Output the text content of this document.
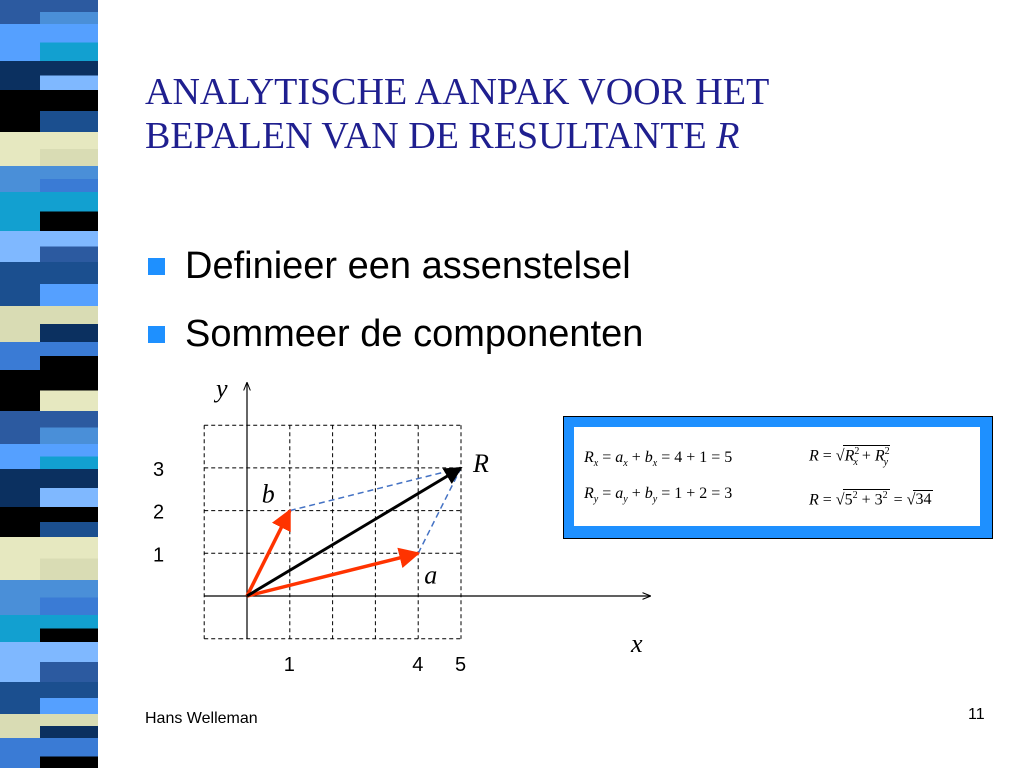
ANALYTISCHE AANPAK VOOR HET
BEPALEN VAN DE RESULTANTE R
Definieer een assenstelsel
Sommeer de componenten
x
y
1	4 5
1
2
3
a
b
R	$R_x = a_x + b_x = 4 + 1 = 5$
$R_y = a_y + b_y = 1 + 2 = 3$
$R = √R^2_x + R^2_y$
$R = √5^2 + 3^2 = √34$
Hans Welleman	11
